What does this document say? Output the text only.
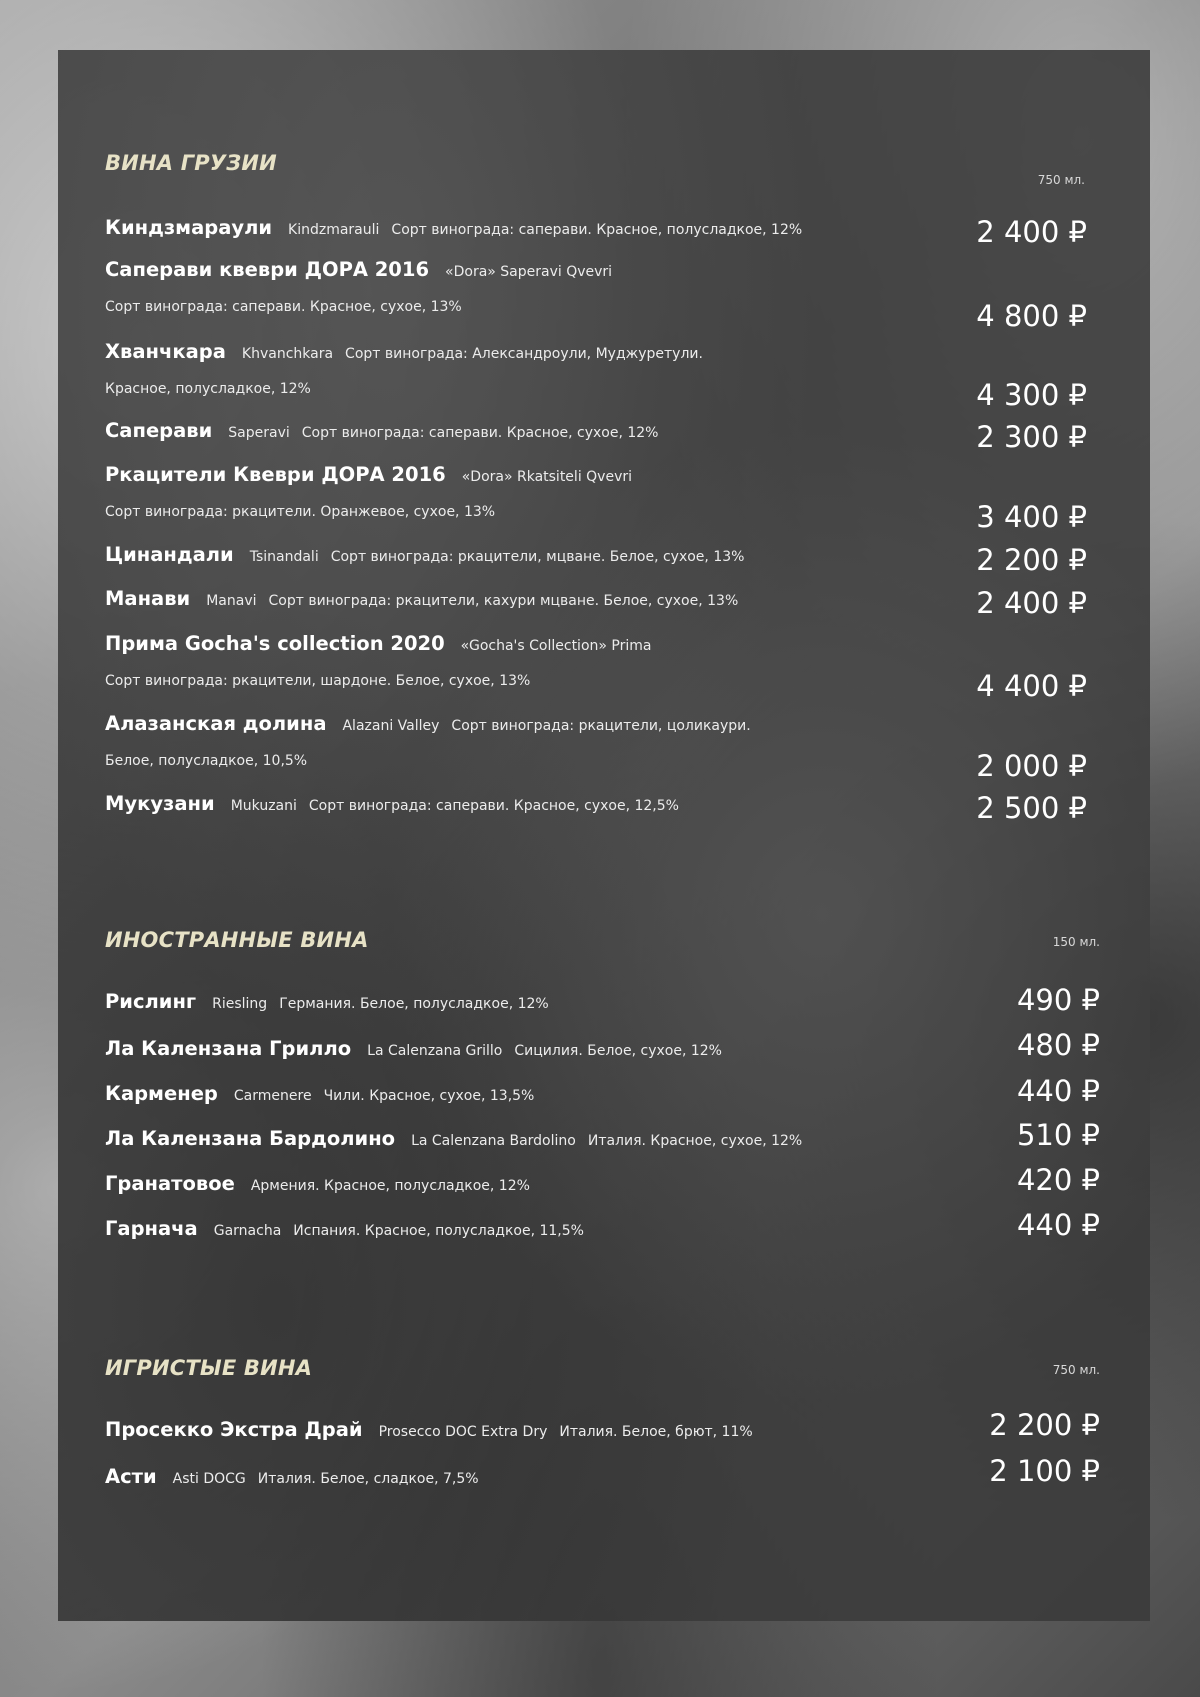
ВИНА ГРУЗИИ
750 мл.
Киндзмараули Kindzmarauli Сорт винограда: саперави. Красное, полусладкое, 12%	2 400 ₽
Саперави квеври ДОРА 2016 «Dora» Saperavi Qvevri
Сорт винограда: саперави. Красное, сухое, 13%	4 800 ₽
Хванчкара Khvanchkara Сорт винограда: Александроули, Муджуретули.
Красное, полусладкое, 12%	4 300 ₽
Саперави Saperavi Сорт винограда: саперави. Красное, сухое, 12%	2 300 ₽
Ркацители Квеври ДОРА 2016 «Dora» Rkatsiteli Qvevri
Сорт винограда: ркацители. Оранжевое, сухое, 13%	3 400 ₽
Цинандали Tsinandali Сорт винограда: ркацители, мцване. Белое, сухое, 13%	2 200 ₽
Манави Manavi Сорт винограда: ркацители, кахури мцване. Белое, сухое, 13%	2 400 ₽
Прима Gocha's collection 2020 «Gocha's Collection» Prima
Сорт винограда: ркацители, шардоне. Белое, сухое, 13%	4 400 ₽
Алазанская долина Alazani Valley Сорт винограда: ркацители, цоликаури.
Белое, полусладкое, 10,5%	2 000 ₽
Мукузани Mukuzani Сорт винограда: саперави. Красное, сухое, 12,5%	2 500 ₽
ИНОСТРАННЫЕ ВИНА	150 мл.
Рислинг Riesling Германия. Белое, полусладкое, 12%	490 ₽
Ла Калензана Грилло La Calenzana Grillo Сицилия. Белое, сухое, 12%	480 ₽
Карменер Carmenere Чили. Красное, сухое, 13,5%	440 ₽
Ла Калензана Бардолино La Calenzana Bardolino Италия. Красное, сухое, 12%	510 ₽
Гранатовое Армения. Красное, полусладкое, 12%	420 ₽
Гарнача Garnacha Испания. Красное, полусладкое, 11,5%	440 ₽
ИГРИСТЫЕ ВИНА	750 мл.
Просекко Экстра Драй Prosecco DOC Extra Dry Италия. Белое, брют, 11%	2 200 ₽
Асти Asti DOCG Италия. Белое, сладкое, 7,5%	2 100 ₽
